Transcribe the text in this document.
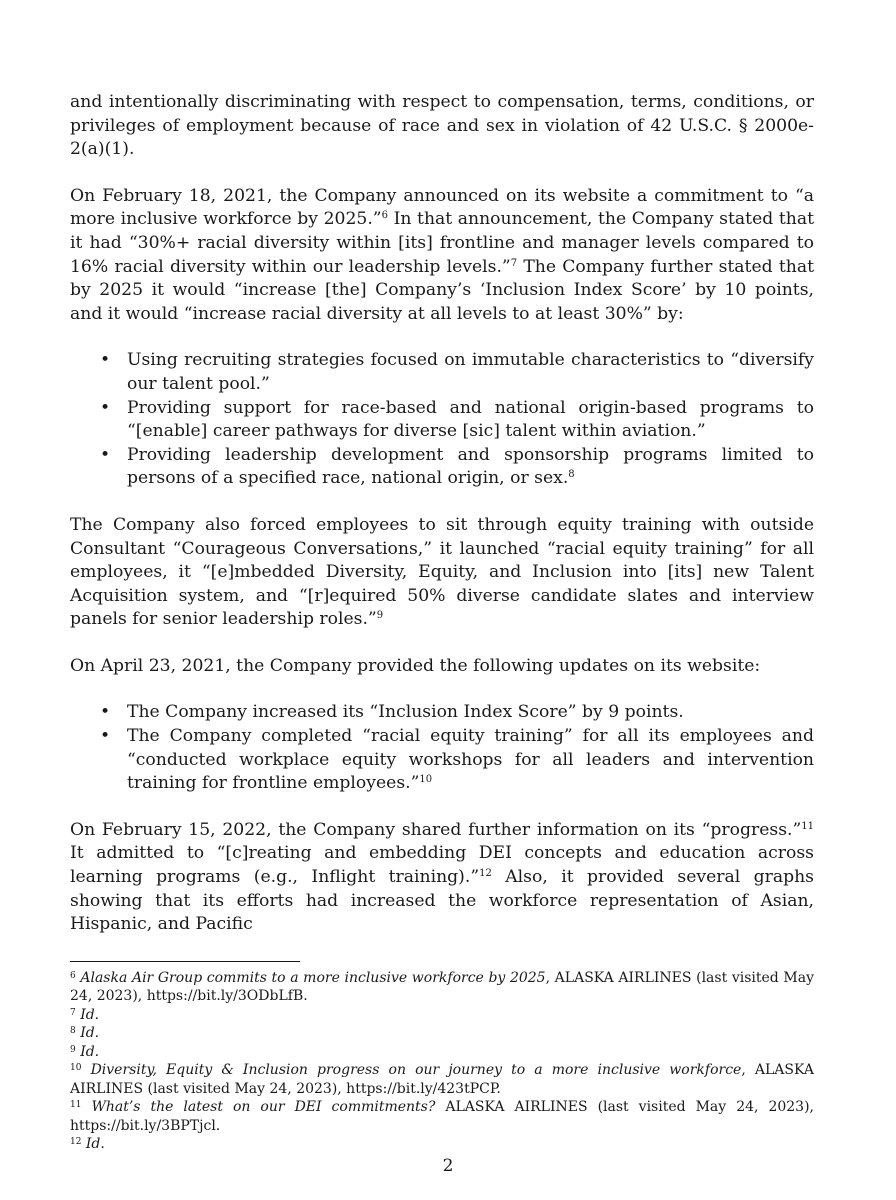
and intentionally discriminating with respect to compensation, terms, conditions, or privileges of employment because of race and sex in violation of 42 U.S.C. § 2000e-2(a)(1).

On February 18, 2021, the Company announced on its website a commitment to “a more inclusive workforce by 2025.”$^6$ In that announcement, the Company stated that it had “30%+ racial diversity within [its] frontline and manager levels compared to 16% racial diversity within our leadership levels.”$^7$ The Company further stated that by 2025 it would “increase [the] Company’s ‘Inclusion Index Score’ by 10 points, and it would “increase racial diversity at all levels to at least 30%” by:

• Using recruiting strategies focused on immutable characteristics to “diversify our talent pool.”
• Providing support for race-based and national origin-based programs to “[enable] career pathways for diverse [sic] talent within aviation.”
• Providing leadership development and sponsorship programs limited to persons of a specified race, national origin, or sex.$^8$

The Company also forced employees to sit through equity training with outside Consultant “Courageous Conversations,” it launched “racial equity training” for all employees, it “[e]mbedded Diversity, Equity, and Inclusion into [its] new Talent Acquisition system, and “[r]equired 50% diverse candidate slates and interview panels for senior leadership roles.”$^9$

On April 23, 2021, the Company provided the following updates on its website:

• The Company increased its “Inclusion Index Score” by 9 points.
• The Company completed “racial equity training” for all its employees and “conducted workplace equity workshops for all leaders and intervention training for frontline employees.”$^{10}$

On February 15, 2022, the Company shared further information on its “progress.”$^{11}$ It admitted to “[c]reating and embedding DEI concepts and education across learning programs (e.g., Inflight training).”$^{12}$ Also, it provided several graphs showing that its efforts had increased the workforce representation of Asian, Hispanic, and Pacific

$^6$ Alaska Air Group commits to a more inclusive workforce by 2025, ALASKA AIRLINES (last visited May 24, 2023), https://bit.ly/3ODbLfB.

$^7$ Id.

$^8$ Id.

$^9$ Id.

$^{10}$ Diversity, Equity & Inclusion progress on our journey to a more inclusive workforce, ALASKA AIRLINES (last visited May 24, 2023), https://bit.ly/423tPCP.

$^{11}$ What’s the latest on our DEI commitments? ALASKA AIRLINES (last visited May 24, 2023), https://bit.ly/3BPTjcl.

$^{12}$ Id.

2
